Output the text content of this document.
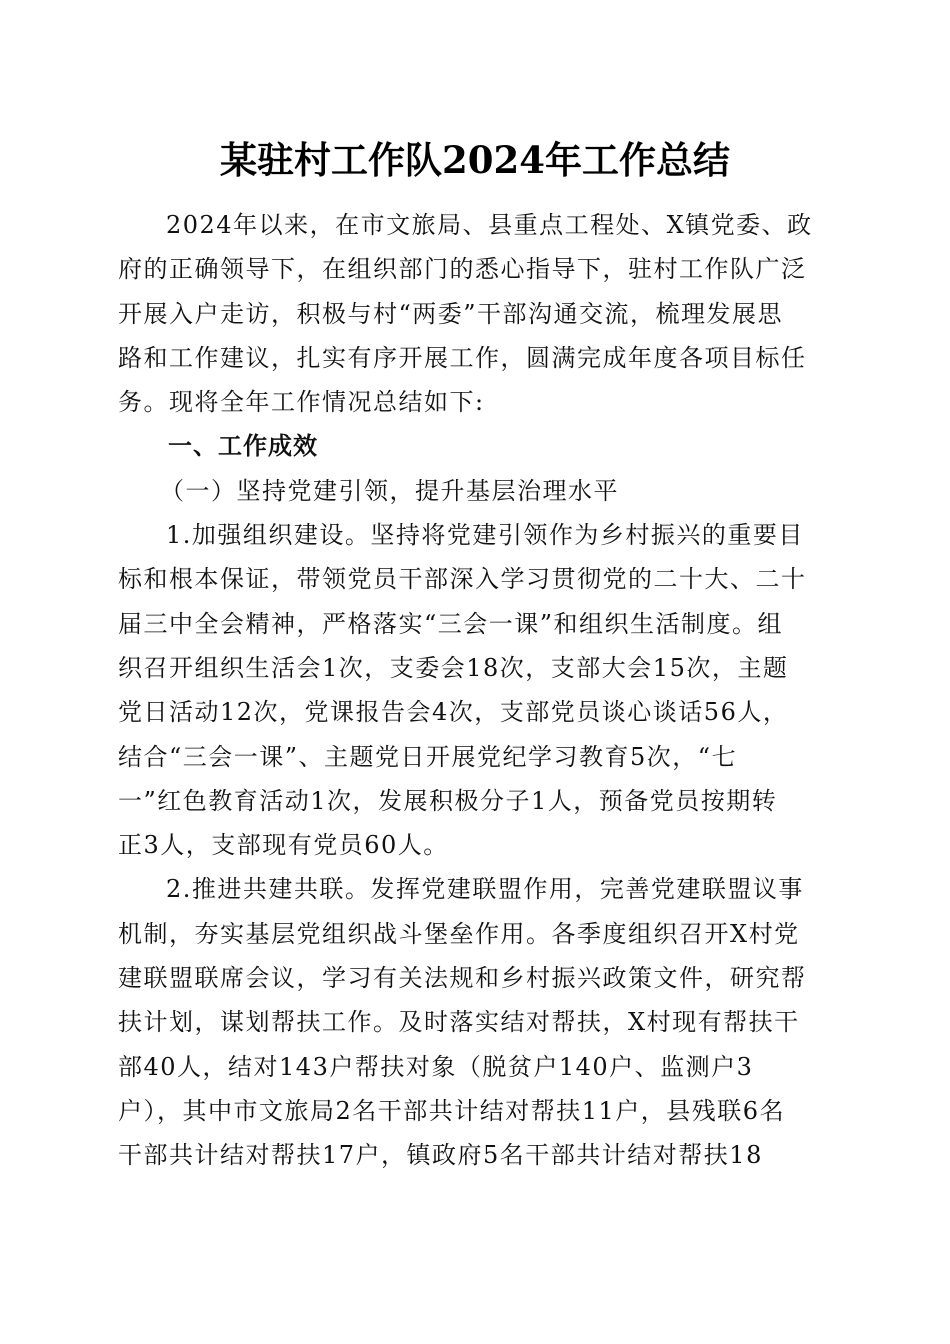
某驻村工作队2024年工作总结
2024年以来，在市文旅局、县重点工程处、X镇党委、政
府的正确领导下，在组织部门的悉心指导下，驻村工作队广泛
开展入户走访，积极与村“两委”干部沟通交流，梳理发展思
路和工作建议，扎实有序开展工作，圆满完成年度各项目标任
务。现将全年工作情况总结如下:
一、工作成效
（一）坚持党建引领，提升基层治理水平
1.加强组织建设。坚持将党建引领作为乡村振兴的重要目
标和根本保证，带领党员干部深入学习贯彻党的二十大、二十
届三中全会精神，严格落实“三会一课”和组织生活制度。组
织召开组织生活会1次，支委会18次，支部大会15次，主题
党日活动12次，党课报告会4次，支部党员谈心谈话56人，
结合“三会一课”、主题党日开展党纪学习教育5次，“七
一”红色教育活动1次，发展积极分子1人，预备党员按期转
正3人，支部现有党员60人。
2.推进共建共联。发挥党建联盟作用，完善党建联盟议事
机制，夯实基层党组织战斗堡垒作用。各季度组织召开X村党
建联盟联席会议，学习有关法规和乡村振兴政策文件，研究帮
扶计划，谋划帮扶工作。及时落实结对帮扶，X村现有帮扶干
部40人，结对143户帮扶对象（脱贫户140户、监测户3
户），其中市文旅局2名干部共计结对帮扶11户，县残联6名
干部共计结对帮扶17户，镇政府5名干部共计结对帮扶18
